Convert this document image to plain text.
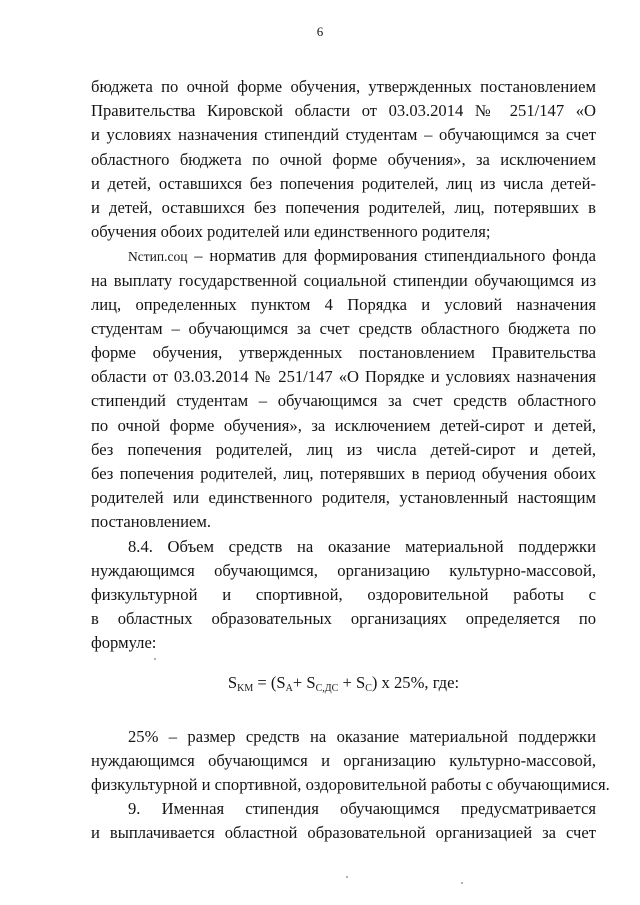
6
бюджета по очной форме обучения, утвержденных постановлением
Правительства Кировской области от 03.03.2014 № 251/147 «О
и условиях назначения стипендий студентам – обучающимся за счет
областного бюджета по очной форме обучения», за исключением
и детей, оставшихся без попечения родителей, лиц из числа детей-
и детей, оставшихся без попечения родителей, лиц, потерявших в
обучения обоих родителей или единственного родителя;
Nстип.соц – норматив для формирования стипендиального фонда
на выплату государственной социальной стипендии обучающимся из
лиц, определенных пунктом 4 Порядка и условий назначения
студентам – обучающимся за счет средств областного бюджета по
форме обучения, утвержденных постановлением Правительства
области от 03.03.2014 № 251/147 «О Порядке и условиях назначения
стипендий студентам – обучающимся за счет средств областного
по очной форме обучения», за исключением детей-сирот и детей,
без попечения родителей, лиц из числа детей-сирот и детей,
без попечения родителей, лиц, потерявших в период обучения обоих
родителей или единственного родителя, установленный настоящим
постановлением.
8.4. Объем средств на оказание материальной поддержки
нуждающимся обучающимся, организацию культурно-массовой,
физкультурной и спортивной, оздоровительной работы с
в областных образовательных организациях определяется по
формуле:
$S_{KM} = (S_A+ S_{C,ДС} + S_C)$ х 25%, где:
25% – размер средств на оказание материальной поддержки
нуждающимся обучающимся и организацию культурно-массовой,
физкультурной и спортивной, оздоровительной работы с обучающимися.
9. Именная стипендия обучающимся предусматривается
и выплачивается областной образовательной организацией за счет
